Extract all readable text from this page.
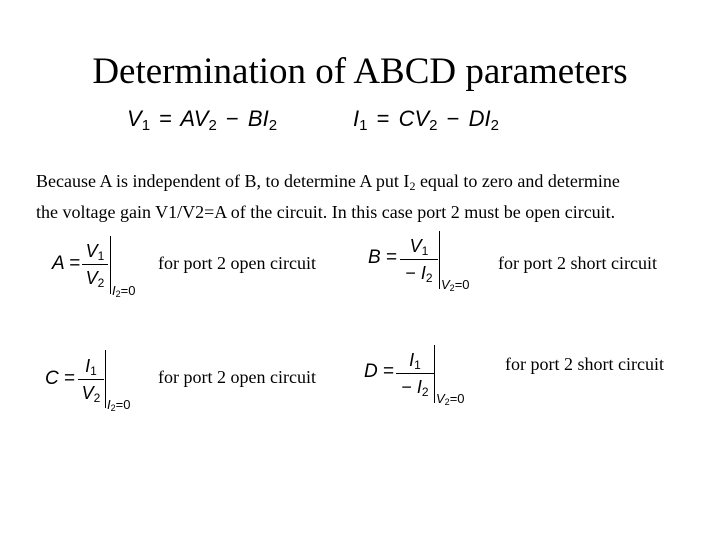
Determination of ABCD parameters
$V_1 = AV_2 - BI_2$	$I_1 = CV_2 - DI_2$
Because A is independent of B, to determine A put $I_2$ equal to zero and determine
the voltage gain V1/V2=A of the circuit. In this case port 2 must be open circuit.
A =
$V_1$
$V_2$ $I_2=0$
for port 2 open circuit	B =
$V_1$
− $I_2$ $V_2=0$
for port 2 short circuit
C =
$I_1$
$V_2$ $I_2=0$
for port 2 open circuit	D =
$I_1$
− $I_2$ $V_2=0$
for port 2 short circuit
